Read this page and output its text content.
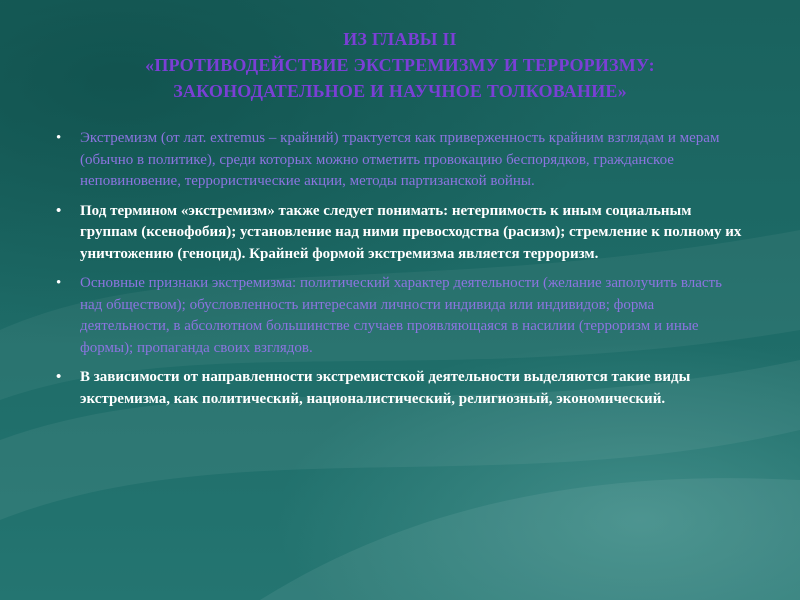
ИЗ ГЛАВЫ II
«ПРОТИВОДЕЙСТВИЕ ЭКСТРЕМИЗМУ И ТЕРРОРИЗМУ:
ЗАКОНОДАТЕЛЬНОЕ И НАУЧНОЕ ТОЛКОВАНИЕ»
• Экстремизм (от лат. extremus – крайний) трактуется как приверженность крайним взглядам и мерам (обычно в политике), среди которых можно отметить провокацию беспорядков, гражданское неповиновение, террористические акции, методы партизанской войны.
• Под термином «экстремизм» также следует понимать: нетерпимость к иным социальным группам (ксенофобия); установление над ними превосходства (расизм); стремление к полному их уничтожению (геноцид). Крайней формой экстремизма является терроризм.
• Основные признаки экстремизма: политический характер деятельности (желание заполучить власть над обществом); обусловленность интересами личности индивида или индивидов; форма деятельности, в абсолютном большинстве случаев проявляющаяся в насилии (терроризм и иные формы); пропаганда своих взглядов.
• В зависимости от направленности экстремистской деятельности выделяются такие виды экстремизма, как политический, националистический, религиозный, экономический.
